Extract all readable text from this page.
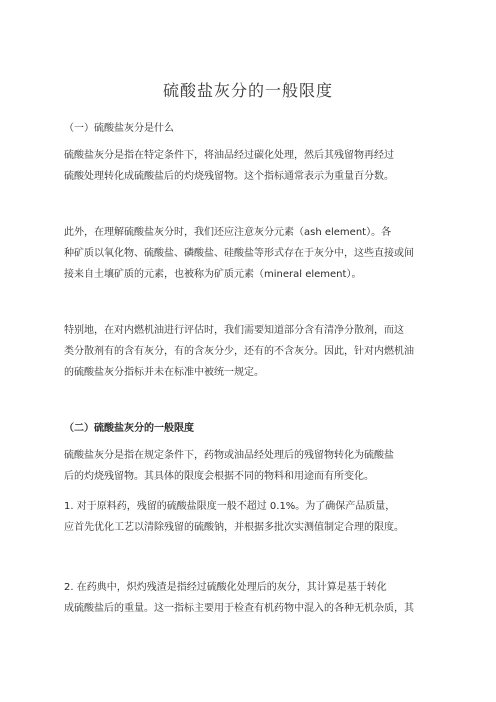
硫酸盐灰分的一般限度
（一）硫酸盐灰分是什么
硫酸盐灰分是指在特定条件下，将油品经过碳化处理，然后其残留物再经过
硫酸处理转化成硫酸盐后的灼烧残留物。这个指标通常表示为重量百分数。
此外，在理解硫酸盐灰分时，我们还应注意灰分元素（ash element）。各
种矿质以氧化物、硫酸盐、磷酸盐、硅酸盐等形式存在于灰分中，这些直接或间
接来自土壤矿质的元素，也被称为矿质元素（mineral element）。
特别地，在对内燃机油进行评估时，我们需要知道部分含有清净分散剂，而这
类分散剂有的含有灰分，有的含灰分少，还有的不含灰分。因此，针对内燃机油
的硫酸盐灰分指标并未在标准中被统一规定。
（二）硫酸盐灰分的一般限度
硫酸盐灰分是指在规定条件下，药物或油品经处理后的残留物转化为硫酸盐
后的灼烧残留物。其具体的限度会根据不同的物料和用途而有所变化。
1. 对于原料药，残留的硫酸盐限度一般不超过 0.1%。为了确保产品质量，
应首先优化工艺以清除残留的硫酸钠，并根据多批次实测值制定合理的限度。
2. 在药典中，炽灼残渣是指经过硫酸化处理后的灰分，其计算是基于转化
成硫酸盐后的重量。这一指标主要用于检查有机药物中混入的各种无机杂质，其
